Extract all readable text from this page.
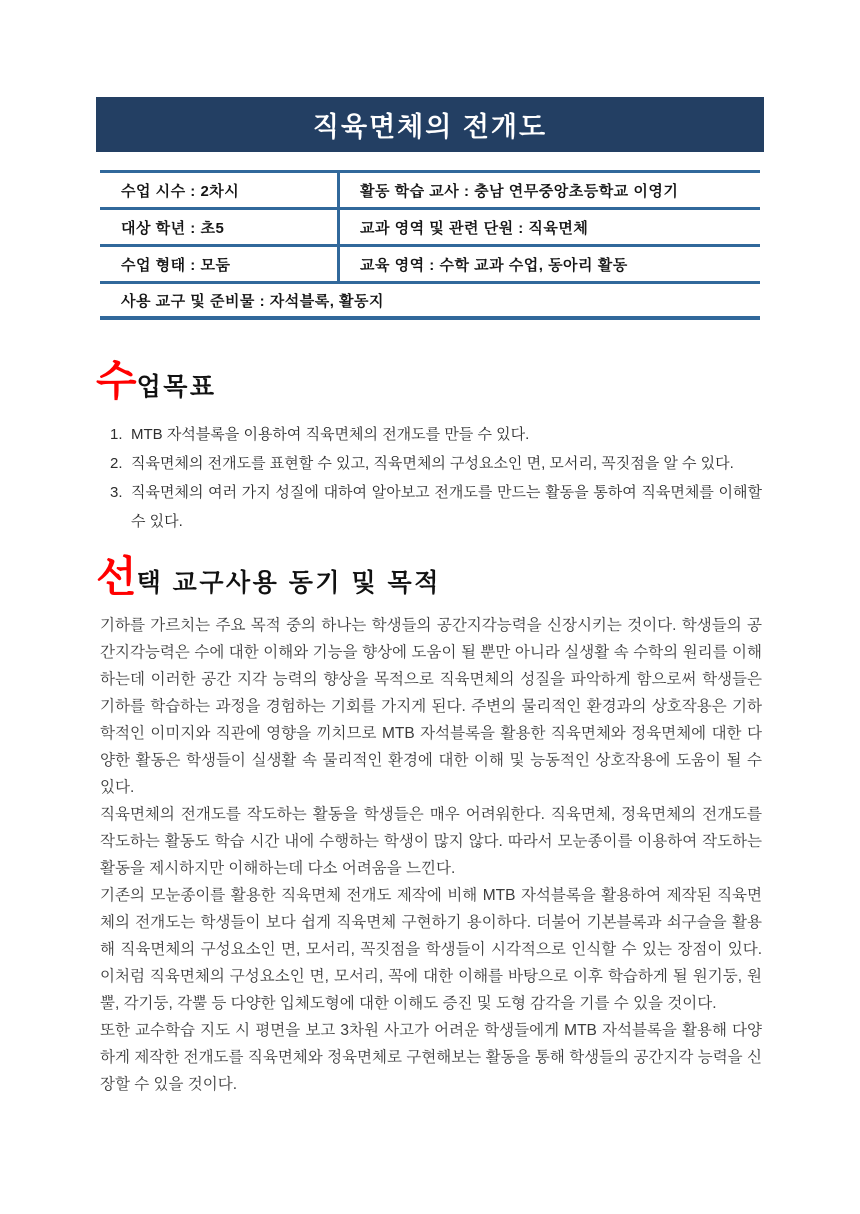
직육면체의 전개도
수업 시수 : 2차시	활동 학습 교사 : 충남 연무중앙초등학교 이영기
대상 학년 : 초5	교과 영역 및 관련 단원 : 직육면체
수업 형태 : 모둠	교육 영역 : 수학 교과 수업, 동아리 활동
사용 교구 및 준비물 : 자석블록, 활동지
수 업목표
1. MTB 자석블록을 이용하여 직육면체의 전개도를 만들 수 있다.
2. 직육면체의 전개도를 표현할 수 있고, 직육면체의 구성요소인 면, 모서리, 꼭짓점을 알 수 있다.
3. 직육면체의 여러 가지 성질에 대하여 알아보고 전개도를 만드는 활동을 통하여 직육면체를 이해할 수 있다.
선 택 교구사용 동기 및 목적

기하를 가르치는 주요 목적 중의 하나는 학생들의 공간지각능력을 신장시키는 것이다. 학생들의 공간지각능력은 수에 대한 이해와 기능을 향상에 도움이 될 뿐만 아니라 실생활 속 수학의 원리를 이해하는데 이러한 공간 지각 능력의 향상을 목적으로 직육면체의 성질을 파악하게 함으로써 학생들은 기하를 학습하는 과정을 경험하는 기회를 가지게 된다. 주변의 물리적인 환경과의 상호작용은 기하학적인 이미지와 직관에 영향을 끼치므로 MTB 자석블록을 활용한 직육면체와 정육면체에 대한 다양한 활동은 학생들이 실생활 속 물리적인 환경에 대한 이해 및 능동적인 상호작용에 도움이 될 수 있다.

직육면체의 전개도를 작도하는 활동을 학생들은 매우 어려워한다. 직육면체, 정육면체의 전개도를 작도하는 활동도 학습 시간 내에 수행하는 학생이 많지 않다. 따라서 모눈종이를 이용하여 작도하는 활동을 제시하지만 이해하는데 다소 어려움을 느낀다.

기존의 모눈종이를 활용한 직육면체 전개도 제작에 비해 MTB 자석블록을 활용하여 제작된 직육면체의 전개도는 학생들이 보다 쉽게 직육면체 구현하기 용이하다. 더불어 기본블록과 쇠구슬을 활용해 직육면체의 구성요소인 면, 모서리, 꼭짓점을 학생들이 시각적으로 인식할 수 있는 장점이 있다. 이처럼 직육면체의 구성요소인 면, 모서리, 꼭에 대한 이해를 바탕으로 이후 학습하게 될 원기둥, 원뿔, 각기둥, 각뿔 등 다양한 입체도형에 대한 이해도 증진 및 도형 감각을 기를 수 있을 것이다.

또한 교수학습 지도 시 평면을 보고 3차원 사고가 어려운 학생들에게 MTB 자석블록을 활용해 다양하게 제작한 전개도를 직육면체와 정육면체로 구현해보는 활동을 통해 학생들의 공간지각 능력을 신장할 수 있을 것이다.
